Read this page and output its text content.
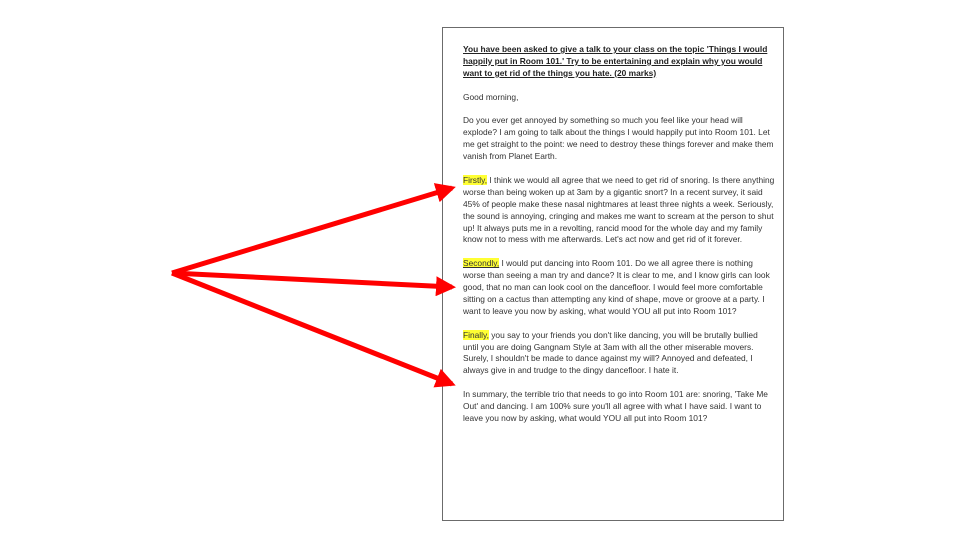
You have been asked to give a talk to your class on the topic 'Things I would happily put in Room 101.' Try to be entertaining and explain why you would want to get rid of the things you hate. (20 marks)

Good morning,

Do you ever get annoyed by something so much you feel like your head will explode? I am going to talk about the things I would happily put into Room 101. Let me get straight to the point: we need to destroy these things forever and make them vanish from Planet Earth.

Firstly, I think we would all agree that we need to get rid of snoring. Is there anything worse than being woken up at 3am by a gigantic snort? In a recent survey, it said 45% of people make these nasal nightmares at least three nights a week. Seriously, the sound is annoying, cringing and makes me want to scream at the person to shut up! It always puts me in a revolting, rancid mood for the whole day and my family know not to mess with me afterwards. Let's act now and get rid of it forever.

Secondly, I would put dancing into Room 101. Do we all agree there is nothing worse than seeing a man try and dance? It is clear to me, and I know girls can look good, that no man can look cool on the dancefloor. I would feel more comfortable sitting on a cactus than attempting any kind of shape, move or groove at a party. I want to leave you now by asking, what would YOU all put into Room 101?

Finally, you say to your friends you don't like dancing, you will be brutally bullied until you are doing Gangnam Style at 3am with all the other miserable movers. Surely, I shouldn't be made to dance against my will? Annoyed and defeated, I always give in and trudge to the dingy dancefloor. I hate it.

In summary, the terrible trio that needs to go into Room 101 are: snoring, 'Take Me Out' and dancing. I am 100% sure you'll all agree with what I have said. I want to leave you now by asking, what would YOU all put into Room 101?
